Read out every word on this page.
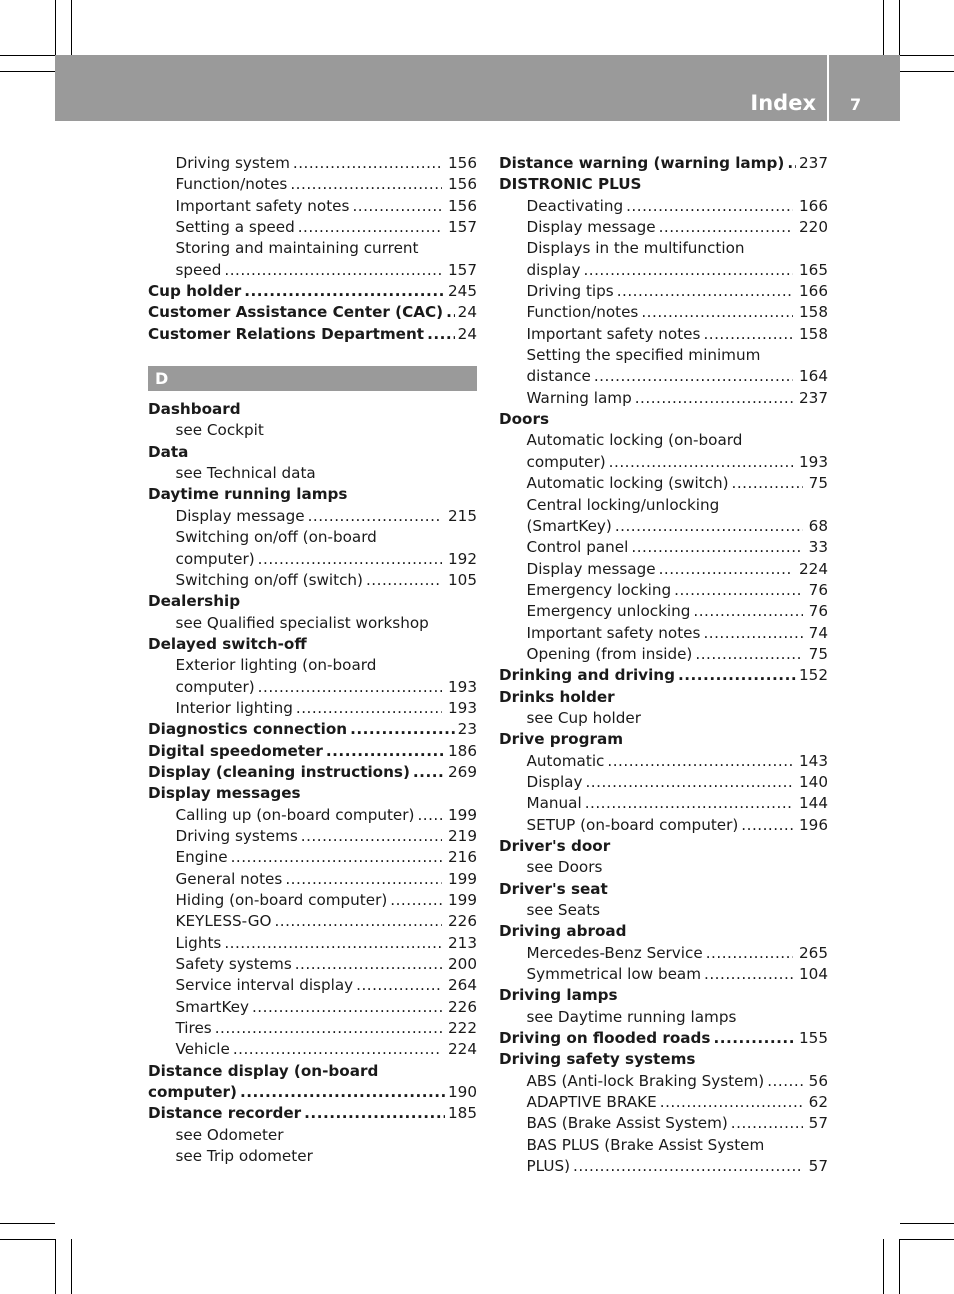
Index 7
Driving system .....	156
Function/notes .....	156
Important safety notes .....	156
Setting a speed .....	157
Storing and maintaining current
speed .....	157
Cup holder .....	245
Customer Assistance Center (CAC) ..... 24
Customer Relations Department ..... 24
D
Dashboard
see Cockpit
Data
see Technical data
Daytime running lamps
Display message .....	215
Switching on/off (on-board
computer) .....	192
Switching on/off (switch) .....	105
Dealership
see Qualified specialist workshop
Delayed switch-off
Exterior lighting (on-board
computer) .....	193
Interior lighting .....	193
Diagnostics connection .....	23
Digital speedometer .....	186
Display (cleaning instructions) .....	269
Display messages
Calling up (on-board computer) .....	199
Driving systems .....	219
Engine .....	216
General notes .....	199
Hiding (on-board computer) .....	199
KEYLESS-GO .....	226
Lights .....	213
Safety systems .....	200
Service interval display .....	264
SmartKey .....	226
Tires .....	222
Vehicle .....	224
Distance display (on-board
computer) .....	190
Distance recorder .....	185
see Odometer
see Trip odometer
Distance warning (warning lamp) ..... 237
DISTRONIC PLUS
Deactivating .....	166
Display message .....	220
Displays in the multifunction
display .....	165
Driving tips .....	166
Function/notes .....	158
Important safety notes .....	158
Setting the specified minimum
distance .....	164
Warning lamp .....	237
Doors
Automatic locking (on-board
computer) .....	193
Automatic locking (switch) .....	75
Central locking/unlocking
(SmartKey) .....	68
Control panel .....	33
Display message .....	224
Emergency locking .....	76
Emergency unlocking .....	76
Important safety notes .....	74
Opening (from inside) .....	75
Drinking and driving .....	152
Drinks holder
see Cup holder
Drive program
Automatic .....	143
Display .....	140
Manual .....	144
SETUP (on-board computer) .....	196
Driver's door
see Doors
Driver's seat
see Seats
Driving abroad
Mercedes-Benz Service .....	265
Symmetrical low beam .....	104
Driving lamps
see Daytime running lamps
Driving on flooded roads .....	155
Driving safety systems
ABS (Anti-lock Braking System) .....	56
ADAPTIVE BRAKE .....	62
BAS (Brake Assist System) .....	57
BAS PLUS (Brake Assist System
PLUS) .....	57
